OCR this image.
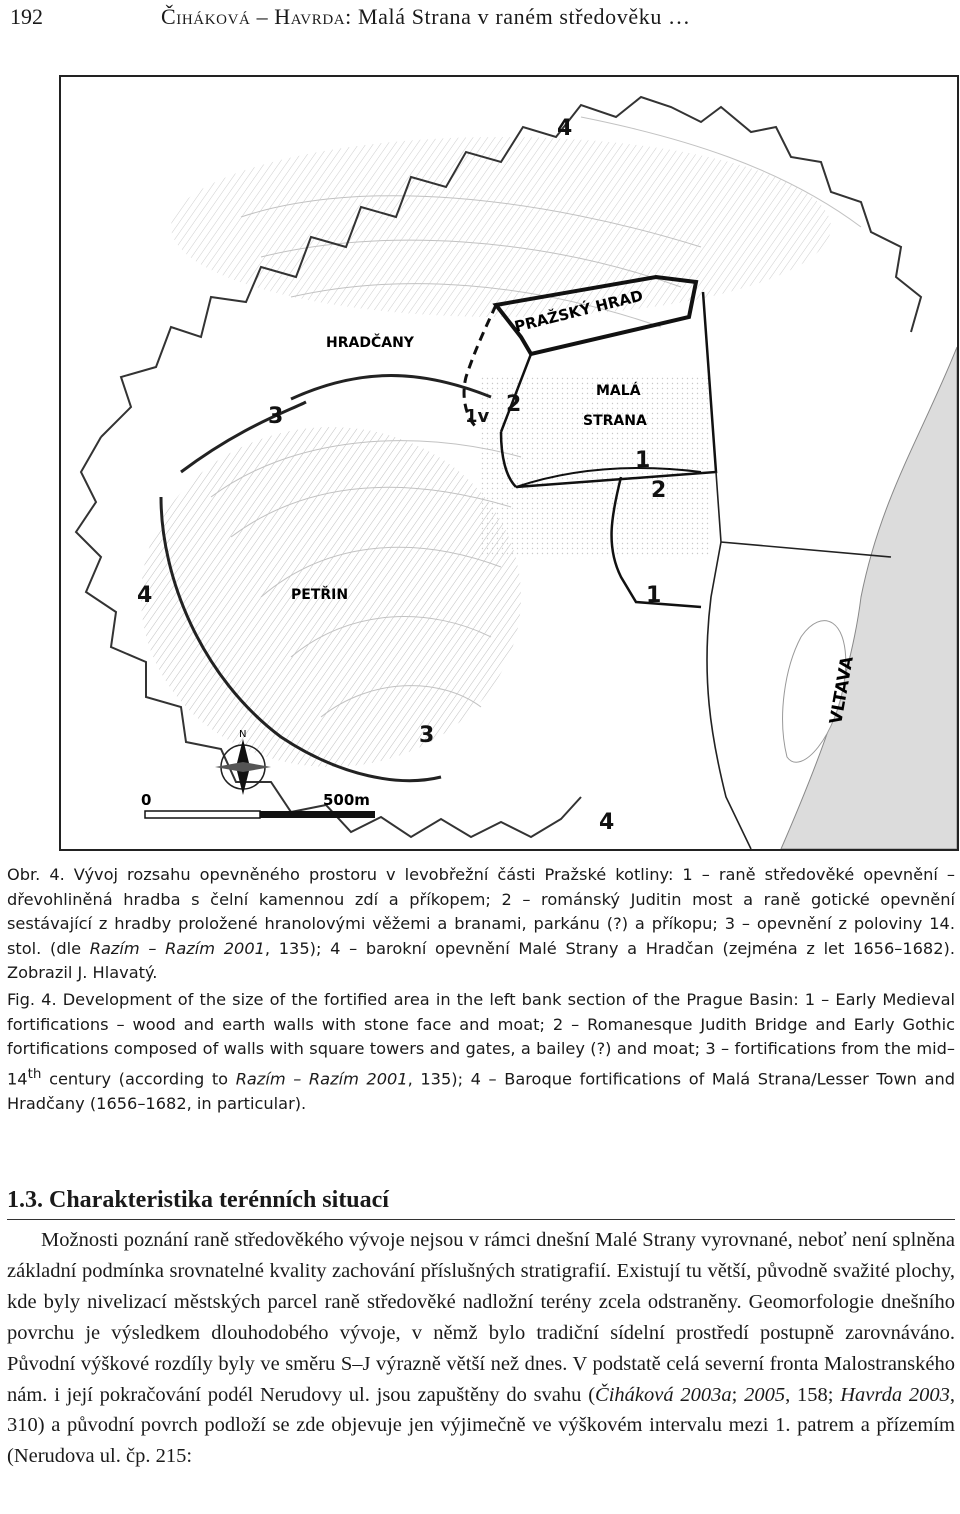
192	Čiháková – Havrda: Malá Strana v raném středověku …
PRAŽSKÝ HRAD
HRADČANY
MALÁ
STRANA
PETŘIN
VLTAVA
4
3	1v 2
1
2
1
4
3
4
N
0	500m

Obr. 4. Vývoj rozsahu opevněného prostoru v levobřežní části Pražské kotliny: 1 – raně středověké opevnění – dřevohliněná hradba s čelní kamennou zdí a příkopem; 2 – románský Juditin most a raně gotické opevnění sestávající z hradby proložené hranolovými věžemi a branami, parkánu (?) a příkopu; 3 – opevnění z poloviny 14. stol. (dle Razím – Razím 2001, 135); 4 – barokní opevnění Malé Strany a Hradčan (zejména z let 1656–1682). Zobrazil J. Hlavatý.

Fig. 4. Development of the size of the fortified area in the left bank section of the Prague Basin: 1 – Early Medieval fortifications – wood and earth walls with stone face and moat; 2 – Romanesque Judith Bridge and Early Gothic fortifications composed of walls with square towers and gates, a bailey (?) and moat; 3 – fortifications from the mid–14th century (according to Razím – Razím 2001, 135); 4 – Baroque fortifications of Malá Strana/Lesser Town and Hradčany (1656–1682, in particular).

1.3. Charakteristika terénních situací

Možnosti poznání raně středověkého vývoje nejsou v rámci dnešní Malé Strany vyrovnané, neboť není splněna základní podmínka srovnatelné kvality zachování příslušných stratigrafií. Existují tu větší, původně svažité plochy, kde byly nivelizací městských parcel raně středověké nadložní terény zcela odstraněny. Geomorfologie dnešního povrchu je výsledkem dlouhodobého vývoje, v němž bylo tradiční sídelní prostředí postupně zarovnáváno. Původní výškové rozdíly byly ve směru S–J výrazně větší než dnes. V podstatě celá severní fronta Malostranského nám. i její pokračování podél Nerudovy ul. jsou zapuštěny do svahu (Čiháková 2003a; 2005, 158; Havrda 2003, 310) a původní povrch podloží se zde objevuje jen výjimečně ve výškovém intervalu mezi 1. patrem a přízemím (Nerudova ul. čp. 215:
